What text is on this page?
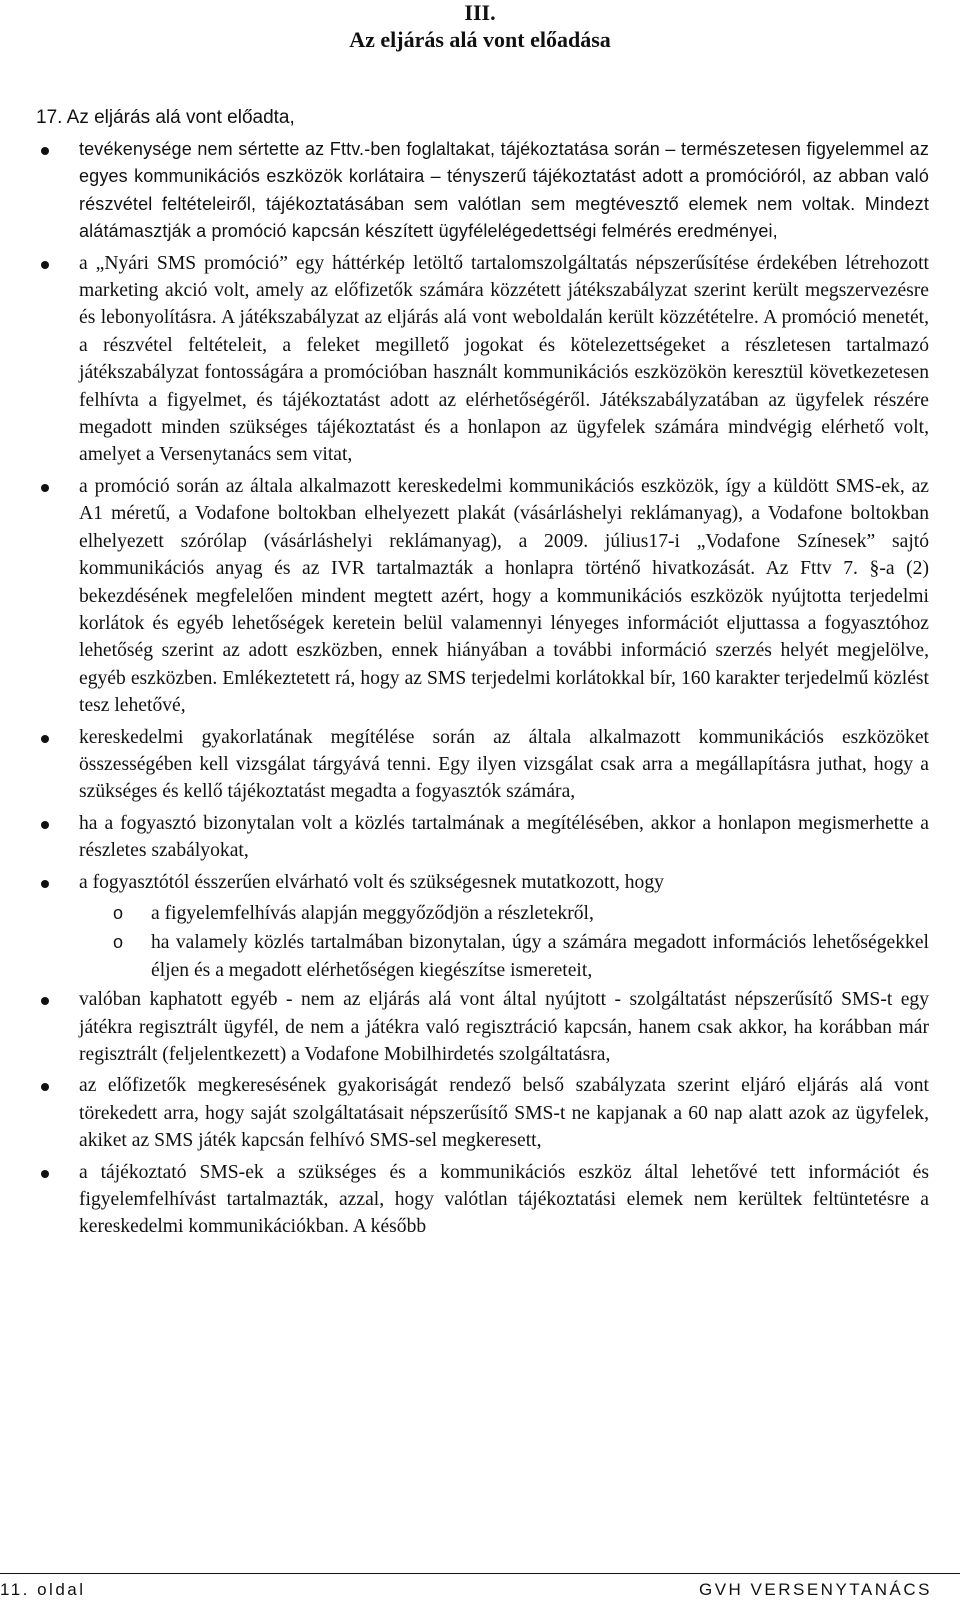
III.
Az eljárás alá vont előadása
17. Az eljárás alá vont előadta,
tevékenysége nem sértette az Fttv.-ben foglaltakat, tájékoztatása során – természetesen figyelemmel az egyes kommunikációs eszközök korlátaira – tényszerű tájékoztatást adott a promócióról, az abban való részvétel feltételeiről, tájékoztatásában sem valótlan sem megtévesztő elemek nem voltak. Mindezt alátámasztják a promóció kapcsán készített ügyfélelégedettségi felmérés eredményei,
a „Nyári SMS promóció” egy háttérkép letöltő tartalomszolgáltatás népszerűsítése érdekében létrehozott marketing akció volt, amely az előfizetők számára közzétett játékszabályzat szerint került megszervezésre és lebonyolításra. A játékszabályzat az eljárás alá vont weboldalán került közzétételre. A promóció menetét, a részvétel feltételeit, a feleket megillető jogokat és kötelezettségeket a részletesen tartalmazó játékszabályzat fontosságára a promócióban használt kommunikációs eszközökön keresztül következetesen felhívta a figyelmet, és tájékoztatást adott az elérhetőségéről. Játékszabályzatában az ügyfelek részére megadott minden szükséges tájékoztatást és a honlapon az ügyfelek számára mindvégig elérhető volt, amelyet a Versenytanács sem vitat,
a promóció során az általa alkalmazott kereskedelmi kommunikációs eszközök, így a küldött SMS-ek, az A1 méretű, a Vodafone boltokban elhelyezett plakát (vásárláshelyi reklámanyag), a Vodafone boltokban elhelyezett szórólap (vásárláshelyi reklámanyag), a 2009. július17-i „Vodafone Színesek” sajtó kommunikációs anyag és az IVR tartalmazták a honlapra történő hivatkozását. Az Fttv 7. §-a (2) bekezdésének megfelelően mindent megtett azért, hogy a kommunikációs eszközök nyújtotta terjedelmi korlátok és egyéb lehetőségek keretein belül valamennyi lényeges információt eljuttassa a fogyasztóhoz lehetőség szerint az adott eszközben, ennek hiányában a további információ szerzés helyét megjelölve, egyéb eszközben. Emlékeztetett rá, hogy az SMS terjedelmi korlátokkal bír, 160 karakter terjedelmű közlést tesz lehetővé,
kereskedelmi gyakorlatának megítélése során az általa alkalmazott kommunikációs eszközöket összességében kell vizsgálat tárgyává tenni. Egy ilyen vizsgálat csak arra a megállapításra juthat, hogy a szükséges és kellő tájékoztatást megadta a fogyasztók számára,
ha a fogyasztó bizonytalan volt a közlés tartalmának a megítélésében, akkor a honlapon megismerhette a részletes szabályokat,
a fogyasztótól ésszerűen elvárható volt és szükségesnek mutatkozott, hogy
o a figyelemfelhívás alapján meggyőződjön a részletekről,
o ha valamely közlés tartalmában bizonytalan, úgy a számára megadott információs lehetőségekkel éljen és a megadott elérhetőségen kiegészítse ismereteit,
valóban kaphatott egyéb - nem az eljárás alá vont által nyújtott - szolgáltatást népszerűsítő SMS-t egy játékra regisztrált ügyfél, de nem a játékra való regisztráció kapcsán, hanem csak akkor, ha korábban már regisztrált (feljelentkezett) a Vodafone Mobilhirdetés szolgáltatásra,
az előfizetők megkeresésének gyakoriságát rendező belső szabályzata szerint eljáró eljárás alá vont törekedett arra, hogy saját szolgáltatásait népszerűsítő SMS-t ne kapjanak a 60 nap alatt azok az ügyfelek, akiket az SMS játék kapcsán felhívó SMS-sel megkeresett,
a tájékoztató SMS-ek a szükséges és a kommunikációs eszköz által lehetővé tett információt és figyelemfelhívást tartalmazták, azzal, hogy valótlan tájékoztatási elemek nem kerültek feltüntetésre a kereskedelmi kommunikációkban. A később
11. oldal	GVH VERSENYTANÁCS
